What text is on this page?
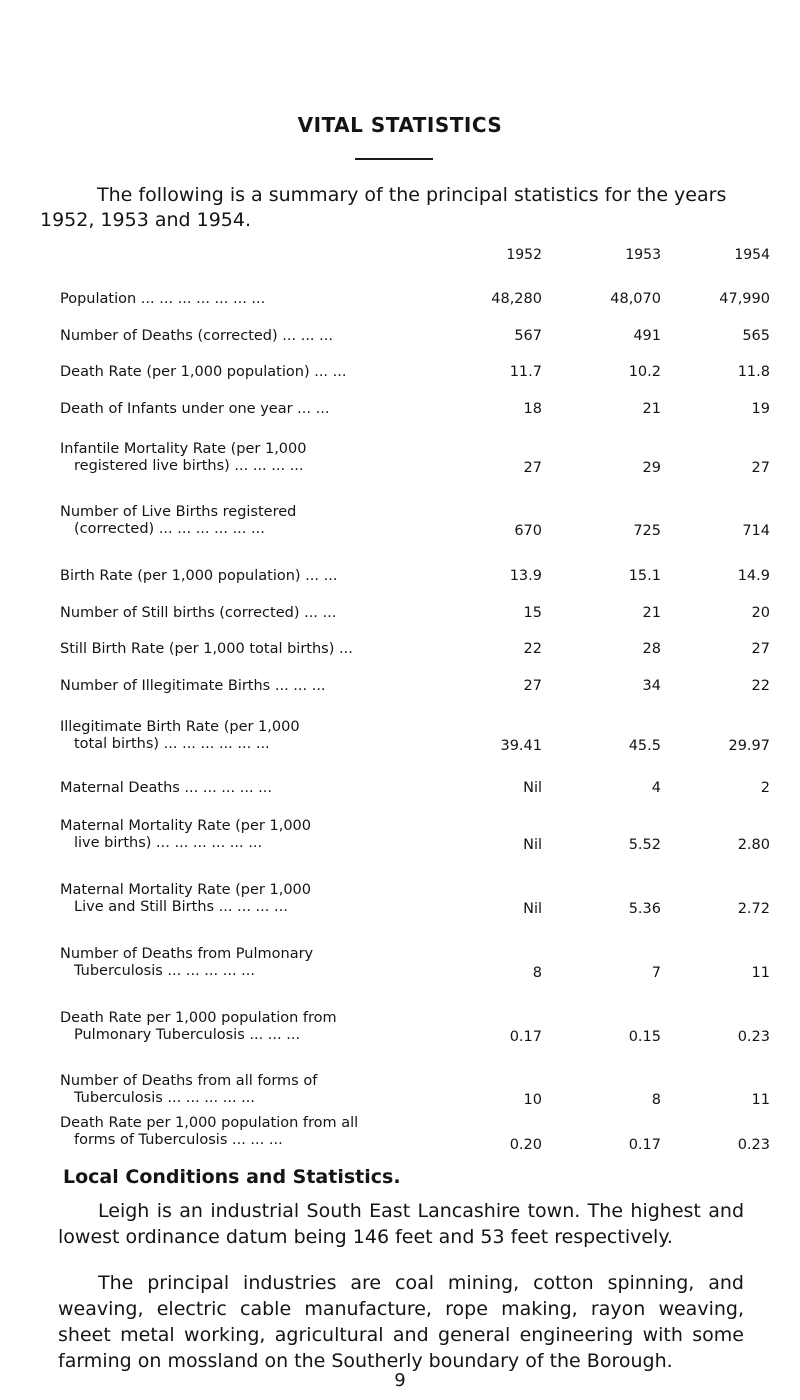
VITAL STATISTICS
The following is a summary of the principal statistics for the years
1952, 1953 and 1954.
1952	1953	1954
Population ... ... ... ... ... ... ...	48,280	48,070	47,990
Number of Deaths (corrected) ... ... ...	567	491	565
Death Rate (per 1,000 population) ... ...	11.7	10.2	11.8
Death of Infants under one year ... ...	18	21	19
Infantile Mortality Rate (per 1,000
registered live births) ... ... ... ...	27	29	27
Number of Live Births registered
(corrected) ... ... ... ... ... ...	670	725	714
Birth Rate (per 1,000 population) ... ...	13.9	15.1	14.9
Number of Still births (corrected) ... ...	15	21	20
Still Birth Rate (per 1,000 total births) ...	22	28	27
Number of Illegitimate Births ... ... ...	27	34	22
Illegitimate Birth Rate (per 1,000
total births) ... ... ... ... ... ...	39.41	45.5	29.97
Maternal Deaths ... ... ... ... ...	Nil	4	2
Maternal Mortality Rate (per 1,000
live births) ... ... ... ... ... ...	Nil	5.52	2.80
Maternal Mortality Rate (per 1,000
Live and Still Births ... ... ... ...	Nil	5.36	2.72
Number of Deaths from Pulmonary
Tuberculosis ... ... ... ... ...	8	7	11
Death Rate per 1,000 population from
Pulmonary Tuberculosis ... ... ...	0.17	0.15	0.23
Number of Deaths from all forms of
Tuberculosis ... ... ... ... ...	10	8	11
Death Rate per 1,000 population from all
forms of Tuberculosis ... ... ...	0.20	0.17	0.23
Local Conditions and Statistics.
Leigh is an industrial South East Lancashire town. The highest and lowest ordinance datum being 146 feet and 53 feet respectively.
The principal industries are coal mining, cotton spinning, and weaving, electric cable manufacture, rope making, rayon weaving, sheet metal working, agricultural and general engineering with some farming on mossland on the Southerly boundary of the Borough.
9
